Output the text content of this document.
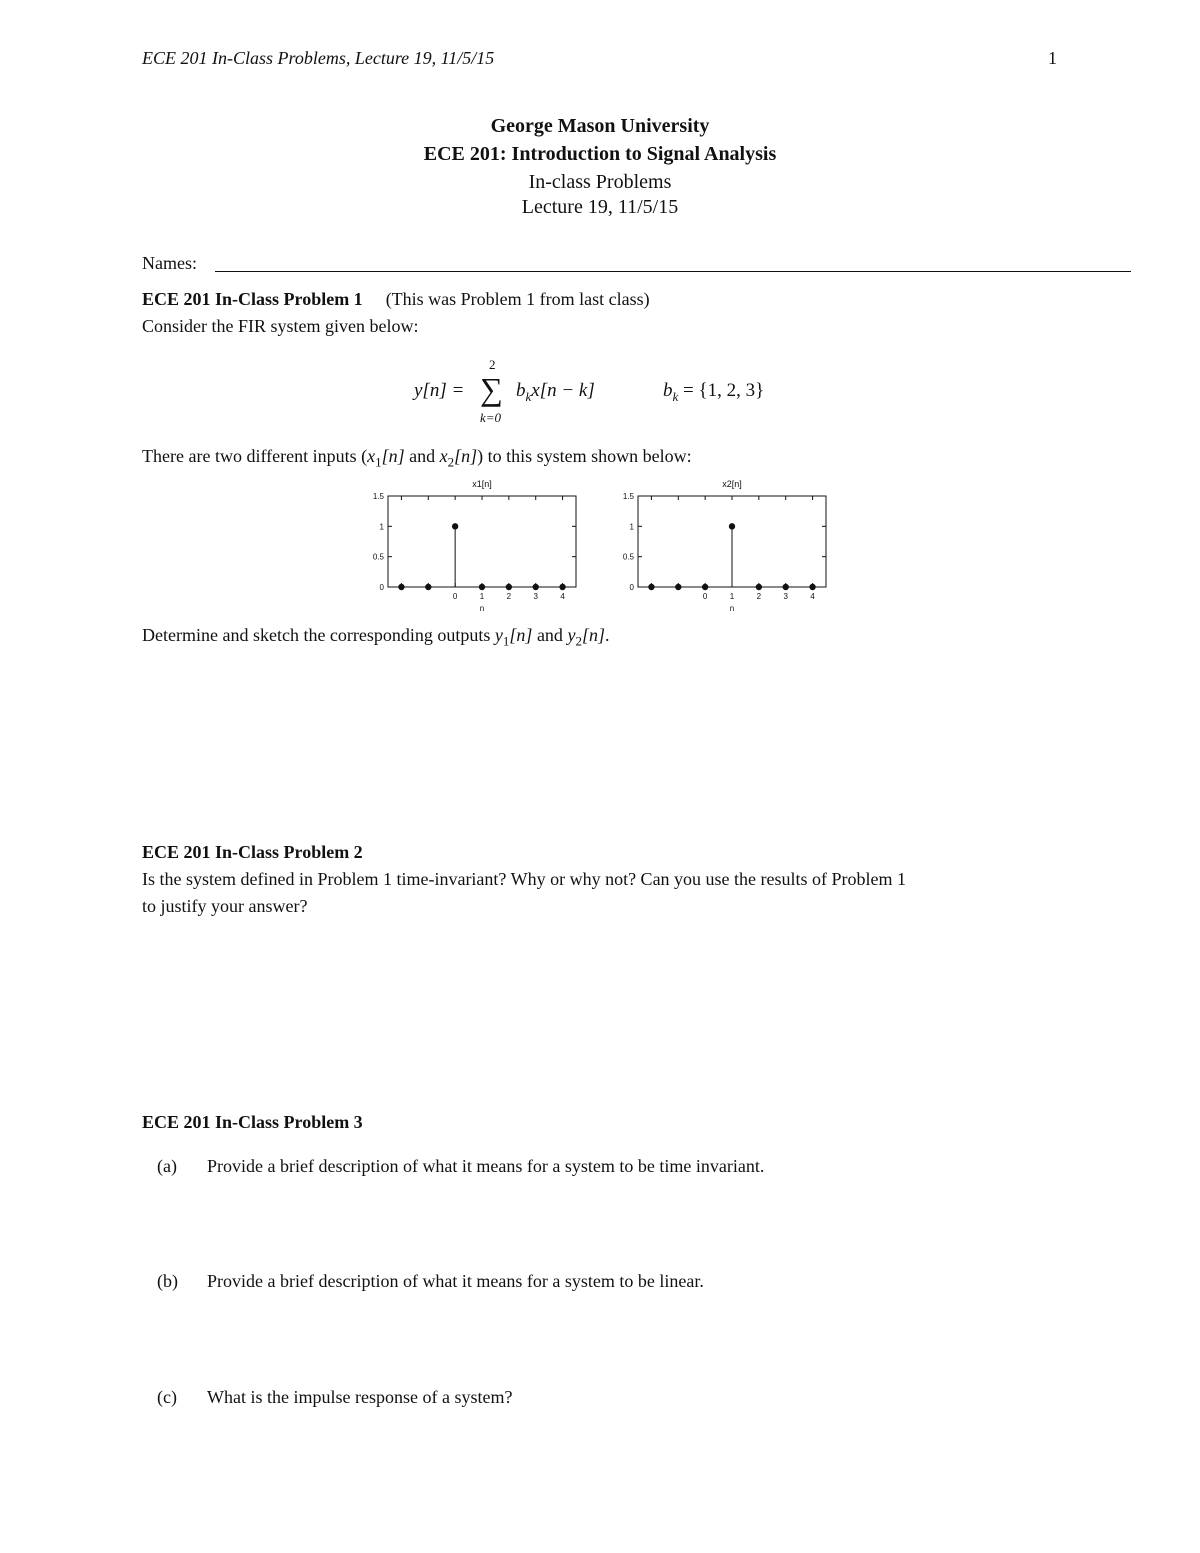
ECE 201 In-Class Problems, Lecture 19, 11/5/15	1
George Mason University
ECE 201: Introduction to Signal Analysis
In-class Problems
Lecture 19, 11/5/15
Names:
ECE 201 In-Class Problem 1 (This was Problem 1 from last class)
Consider the FIR system given below:
y[n] =
2
∑
k=0
$b_kx[n - k]$	$b_k = \{1$, 2, 3}
There are two different inputs ($x_1[n]$ and $x_2[n]$) to this system shown below:
x1[n]
0
0.5
1
1.5
0	1	2	3	4
n
x2[n]
0
0.5
1
1.5
0	1	2	3	4
n
Determine and sketch the corresponding outputs $y_1[n]$ and $y_2[n]$.
ECE 201 In-Class Problem 2
Is the system defined in Problem 1 time-invariant? Why or why not? Can you use the results of Problem 1
to justify your answer?
ECE 201 In-Class Problem 3
(a) Provide a brief description of what it means for a system to be time invariant.
(b) Provide a brief description of what it means for a system to be linear.
(c) What is the impulse response of a system?
